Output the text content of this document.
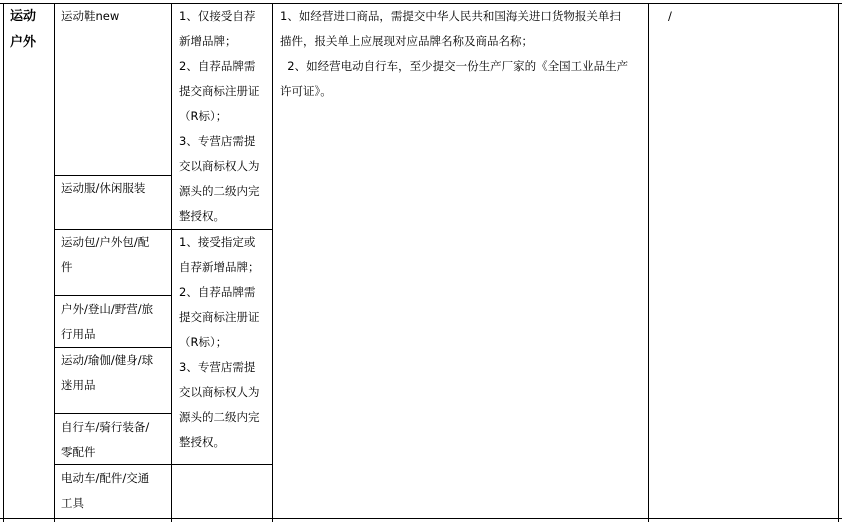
运动
户外
运动鞋new
运动服/休闲服装
运动包/户外包/配
件
户外/登山/野营/旅
行用品
运动/瑜伽/健身/球
迷用品
自行车/骑行装备/
零配件
电动车/配件/交通
工具

1、仅接受自荐

新增品牌；

2、自荐品牌需

提交商标注册证

（R标）；

3、专营店需提

交以商标权人为

源头的二级内完

整授权。

1、接受指定或

自荐新增品牌；

2、自荐品牌需

提交商标注册证

（R标）；

3、专营店需提

交以商标权人为

源头的二级内完

整授权。

1、如经营进口商品，需提交中华人民共和国海关进口货物报关单扫

描件，报关单上应展现对应品牌名称及商品名称；

2、如经营电动自行车，至少提交一份生产厂家的《全国工业品生产

许可证》。

/
